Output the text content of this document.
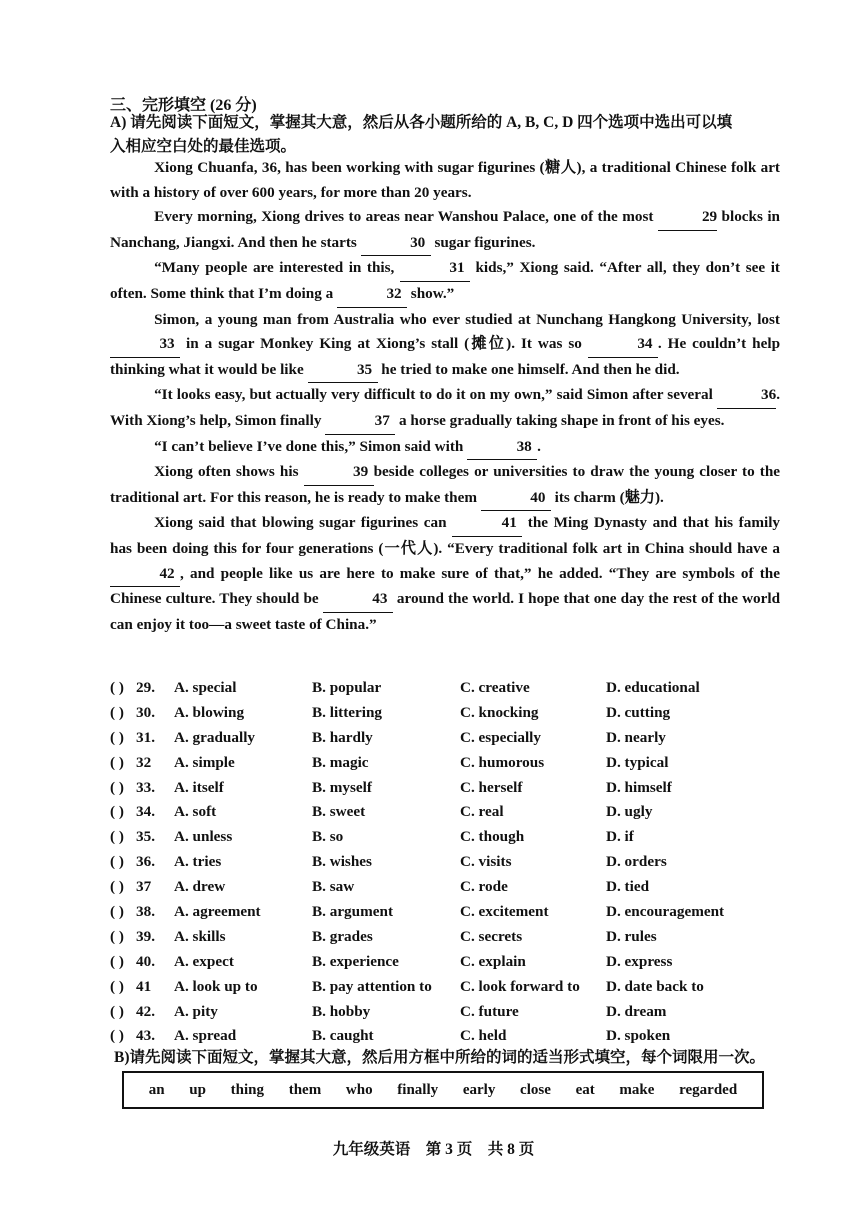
三、完形填空 (26 分)
A) 请先阅读下面短文，掌握其大意，然后从各小题所给的 A, B, C, D 四个选项中选出可以填
入相应空白处的最佳选项。

Xiong Chuanfa, 36, has been working with sugar figurines (糖人), a traditional Chinese folk art with a history of over 600 years, for more than 20 years.

Every morning, Xiong drives to areas near Wanshou Palace, one of the most	29 blocks in Nanchang, Jiangxi. And then he starts	30 sugar figurines.

“Many people are interested in this,	31 kids,” Xiong said. “After all, they don’t see it often. Some think that I’m doing a	32 show.”

Simon, a young man from Australia who ever studied at Nunchang Hangkong University, lost 33 in a sugar Monkey King at Xiong’s stall (摊位). It was so	34 . He couldn’t help thinking what it would be like	35 he tried to make one himself. And then he did.

“It looks easy, but actually very difficult to do it on my own,” said Simon after several	36. With Xiong’s help, Simon finally	37 a horse gradually taking shape in front of his eyes.

“I can’t believe I’ve done this,” Simon said with	38 .

Xiong often shows his	39 beside colleges or universities to draw the young closer to the traditional art. For this reason, he is ready to make them	40 its charm (魅力).

Xiong said that blowing sugar figurines can	41 the Ming Dynasty and that his family has been doing this for four generations (一代人). “Every traditional folk art in China should have a 42 , and people like us are here to make sure of that,” he added. “They are symbols of the Chinese culture. They should be	43 around the world. I hope that one day the rest of the world can enjoy it too—a sweet taste of China.”

( ) 29. A. special	B. popular	C. creative	D. educational
( ) 30. A. blowing	B. littering	C. knocking	D. cutting
( ) 31. A. gradually	B. hardly	C. especially	D. nearly
( ) 32 A. simple	B. magic	C. humorous	D. typical
( ) 33. A. itself	B. myself	C. herself	D. himself
( ) 34. A. soft	B. sweet	C. real	D. ugly
( ) 35. A. unless	B. so	C. though	D. if
( ) 36. A. tries	B. wishes	C. visits	D. orders
( ) 37 A. drew	B. saw	C. rode	D. tied
( ) 38. A. agreement	B. argument	C. excitement	D. encouragement
( ) 39. A. skills	B. grades	C. secrets	D. rules
( ) 40. A. expect	B. experience	C. explain	D. express
( ) 41 A. look up to	B. pay attention to C. look forward to D. date back to
( ) 42. A. pity	B. hobby	C. future	D. dream
( ) 43. A. spread	B. caught	C. held	D. spoken
B)请先阅读下面短文，掌握其大意，然后用方框中所给的词的适当形式填空，每个词限用一次。
an up thing them who finally early close eat make regarded
九年级英语　第 3 页　共 8 页
